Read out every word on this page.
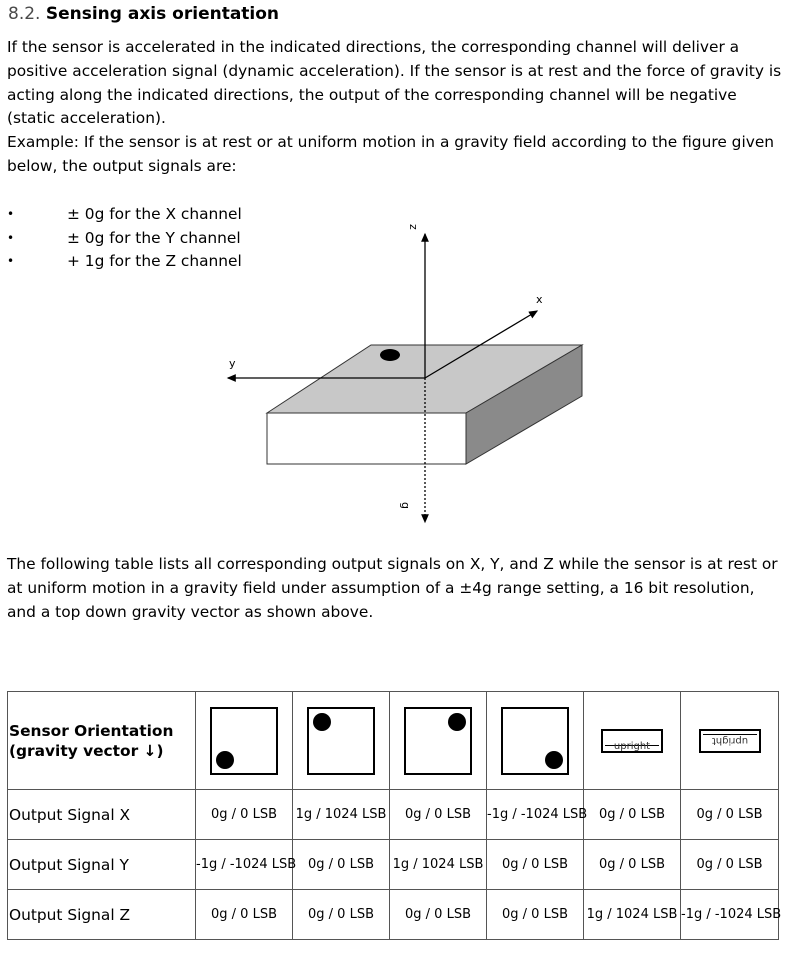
8.2. Sensing axis orientation
If the sensor is accelerated in the indicated directions, the corresponding channel will deliver a positive acceleration signal (dynamic acceleration). If the sensor is at rest and the force of gravity is acting along the indicated directions, the output of the corresponding channel will be negative (static acceleration).
Example: If the sensor is at rest or at uniform motion in a gravity field according to the figure given below, the output signals are:
•	± 0g for the X channel
•	± 0g for the Y channel
•	+ 1g for the Z channel
z
x
y
g
The following table lists all corresponding output signals on X, Y, and Z while the sensor is at rest or at uniform motion in a gravity field under assumption of a ±4g range setting, a 16 bit resolution, and a top down gravity vector as shown above.
Sensor Orientation (gravity vector ↓)					upright	upright

Output Signal X	0g / 0 LSB	1g / 1024 LSB	0g / 0 LSB	-1g / -1024 LSB	0g / 0 LSB	0g / 0 LSB
Output Signal Y	-1g / -1024 LSB	0g / 0 LSB	1g / 1024 LSB	0g / 0 LSB	0g / 0 LSB	0g / 0 LSB
Output Signal Z	0g / 0 LSB	0g / 0 LSB	0g / 0 LSB	0g / 0 LSB	1g / 1024 LSB	-1g / -1024 LSB
